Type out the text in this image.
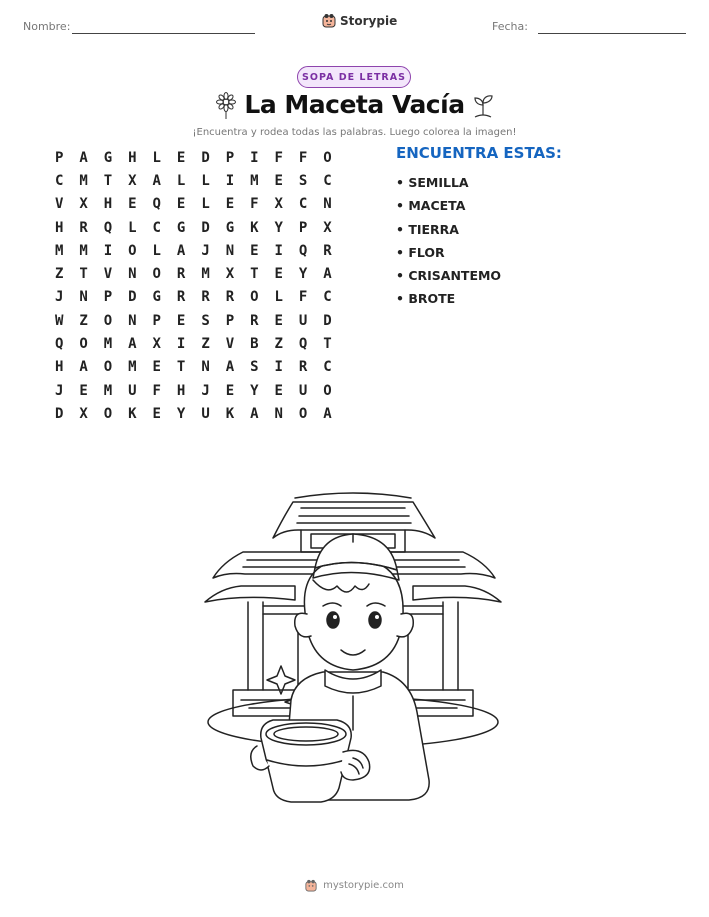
Nombre:	Storypie	Fecha:
SOPA DE LETRAS
La Maceta Vacía
¡Encuentra y rodea todas las palabras. Luego colorea la imagen!
P	A	G	H	L	E	D	P	I	F	F	O
C	M	T	X	A	L	L	I	M	E	S	C
V	X	H	E	Q	E	L	E	F	X	C	N
H	R	Q	L	C	G	D	G	K	Y	P	X
M	M	I	O	L	A	J	N	E	I	Q	R
Z	T	V	N	O	R	M	X	T	E	Y	A
J	N	P	D	G	R	R	R	O	L	F	C
W	Z	O	N	P	E	S	P	R	E	U	D
Q	O	M	A	X	I	Z	V	B	Z	Q	T
H	A	O	M	E	T	N	A	S	I	R	C
J	E	M	U	F	H	J	E	Y	E	U	O
D	X	O	K	E	Y	U	K	A	N	O	A
ENCUENTRA ESTAS:
• SEMILLA
• MACETA
• TIERRA
• FLOR
• CRISANTEMO
• BROTE
mystorypie.com
